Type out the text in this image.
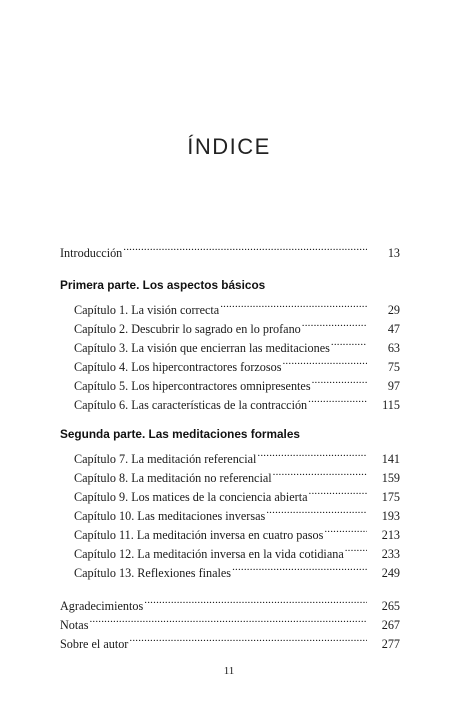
ÍNDICE
Introducción .....	13
Primera parte. Los aspectos básicos
Capítulo 1. La visión correcta .....	29
Capítulo 2. Descubrir lo sagrado en lo profano .....	47
Capítulo 3. La visión que encierran las meditaciones .....	63
Capítulo 4. Los hipercontractores forzosos .....	75
Capítulo 5. Los hipercontractores omnipresentes .....	97
Capítulo 6. Las características de la contracción .....	115
Segunda parte. Las meditaciones formales
Capítulo 7. La meditación referencial .....	141
Capítulo 8. La meditación no referencial .....	159
Capítulo 9. Los matices de la conciencia abierta .....	175
Capítulo 10. Las meditaciones inversas .....	193
Capítulo 11. La meditación inversa en cuatro pasos .....	213
Capítulo 12. La meditación inversa en la vida cotidiana .....	233
Capítulo 13. Reflexiones finales .....	249
Agradecimientos .....	265
Notas .....	267
Sobre el autor .....	277
11
